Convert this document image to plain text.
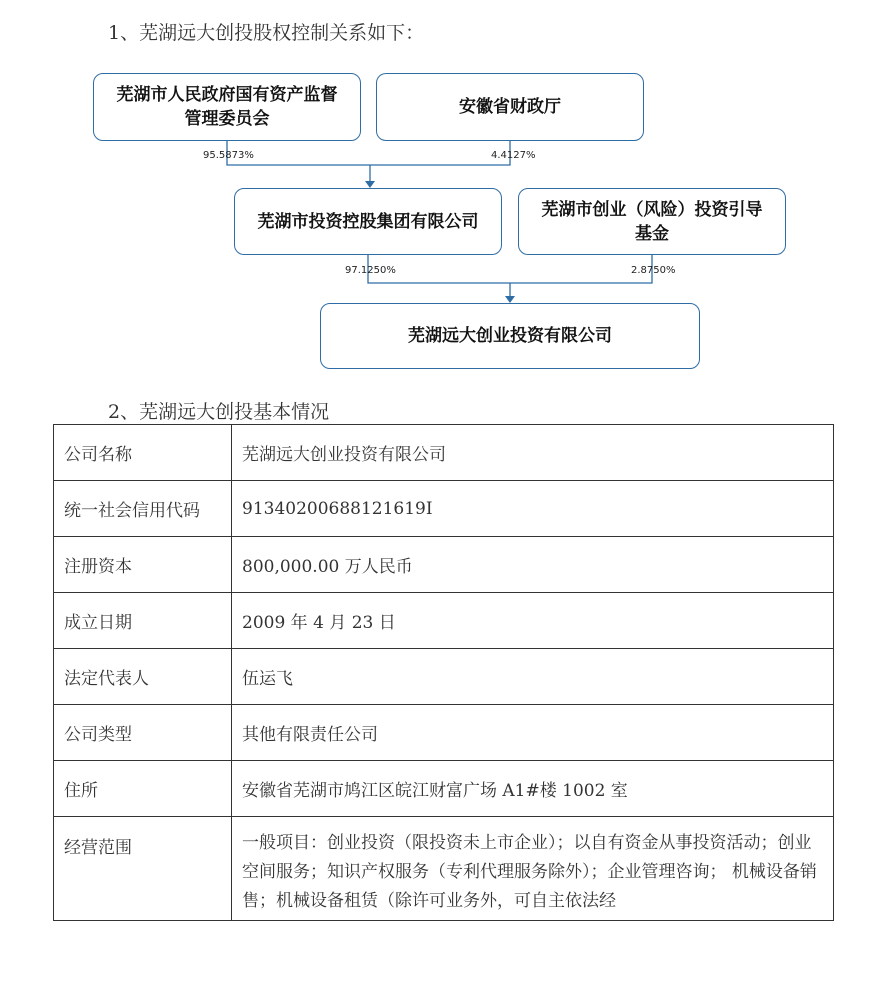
1、芜湖远大创投股权控制关系如下：
芜湖市人民政府国有资产监督管理委员会
安徽省财政厅
95.5873%	4.4127%
芜湖市投资控股集团有限公司
芜湖市创业（风险）投资引导基金
97.1250%	2.8750%
芜湖远大创业投资有限公司
2、芜湖远大创投基本情况
公司名称	芜湖远大创业投资有限公司
统一社会信用代码	91340200688121619I
注册资本	800,000.00 万人民币
成立日期	2009 年 4 月 23 日
法定代表人	伍运飞
公司类型	其他有限责任公司
住所	安徽省芜湖市鸠江区皖江财富广场 A1#楼 1002 室
经营范围	一般项目：创业投资（限投资未上市企业）；以自有资金从事投资活动；创业空间服务；知识产权服务（专利代理服务除外）；企业管理咨询； 机械设备销售；机械设备租赁（除许可业务外，可自主依法经
